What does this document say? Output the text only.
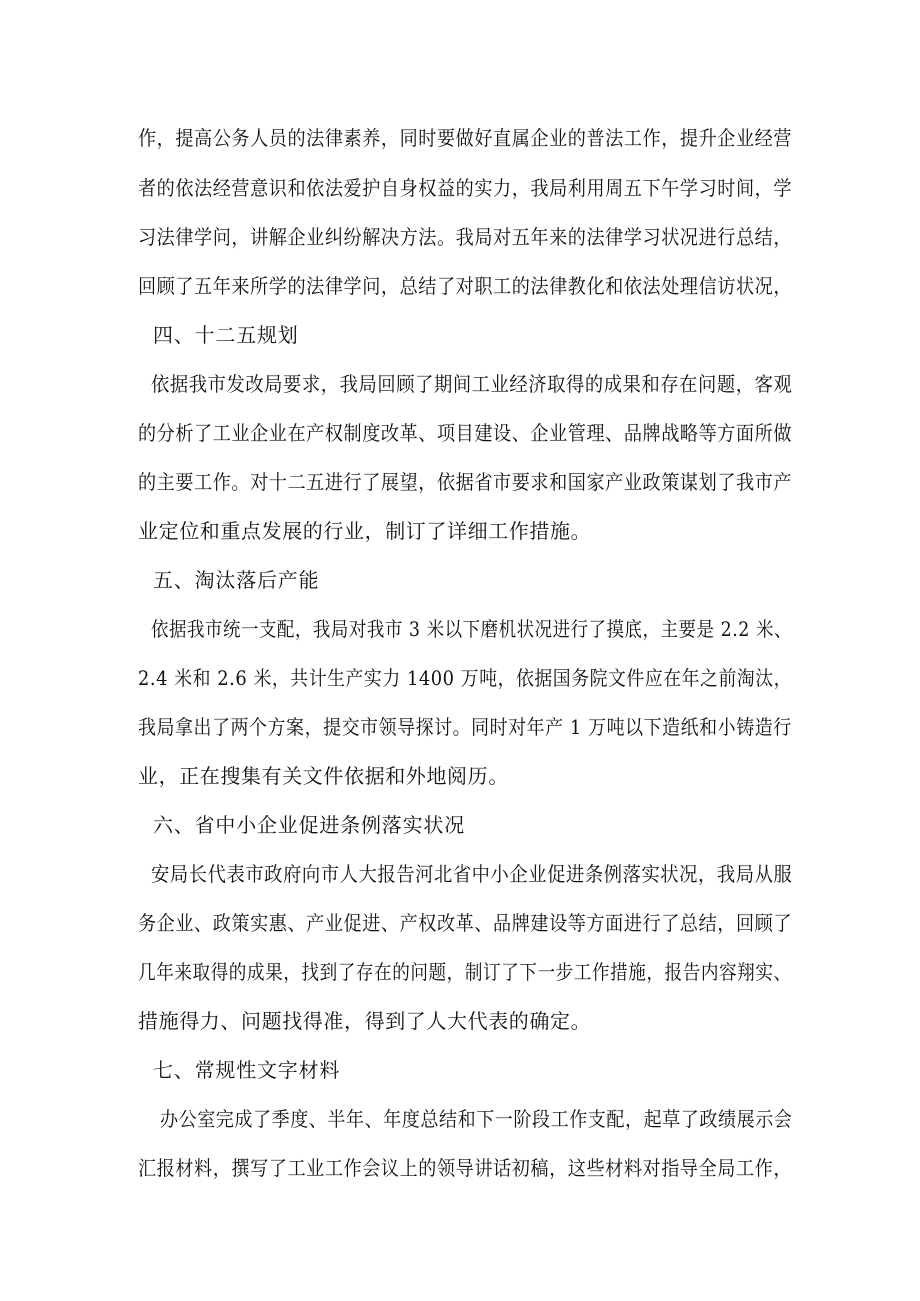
作，提高公务人员的法律素养，同时要做好直属企业的普法工作，提升企业经营
者的依法经营意识和依法爱护自身权益的实力，我局利用周五下午学习时间，学
习法律学问，讲解企业纠纷解决方法。我局对五年来的法律学习状况进行总结，
回顾了五年来所学的法律学问，总结了对职工的法律教化和依法处理信访状况，
四、十二五规划
依据我市发改局要求，我局回顾了期间工业经济取得的成果和存在问题，客观
的分析了工业企业在产权制度改革、项目建设、企业管理、品牌战略等方面所做
的主要工作。对十二五进行了展望，依据省市要求和国家产业政策谋划了我市产
业定位和重点发展的行业，制订了详细工作措施。
五、淘汰落后产能
依据我市统一支配，我局对我市 3 米以下磨机状况进行了摸底，主要是 2.2 米、
2.4 米和 2.6 米，共计生产实力 1400 万吨，依据国务院文件应在年之前淘汰，
我局拿出了两个方案，提交市领导探讨。同时对年产 1 万吨以下造纸和小铸造行
业，正在搜集有关文件依据和外地阅历。
六、省中小企业促进条例落实状况
安局长代表市政府向市人大报告河北省中小企业促进条例落实状况，我局从服
务企业、政策实惠、产业促进、产权改革、品牌建设等方面进行了总结，回顾了
几年来取得的成果，找到了存在的问题，制订了下一步工作措施，报告内容翔实、
措施得力、问题找得准，得到了人大代表的确定。
七、常规性文字材料
办公室完成了季度、半年、年度总结和下一阶段工作支配，起草了政绩展示会
汇报材料，撰写了工业工作会议上的领导讲话初稿，这些材料对指导全局工作，
